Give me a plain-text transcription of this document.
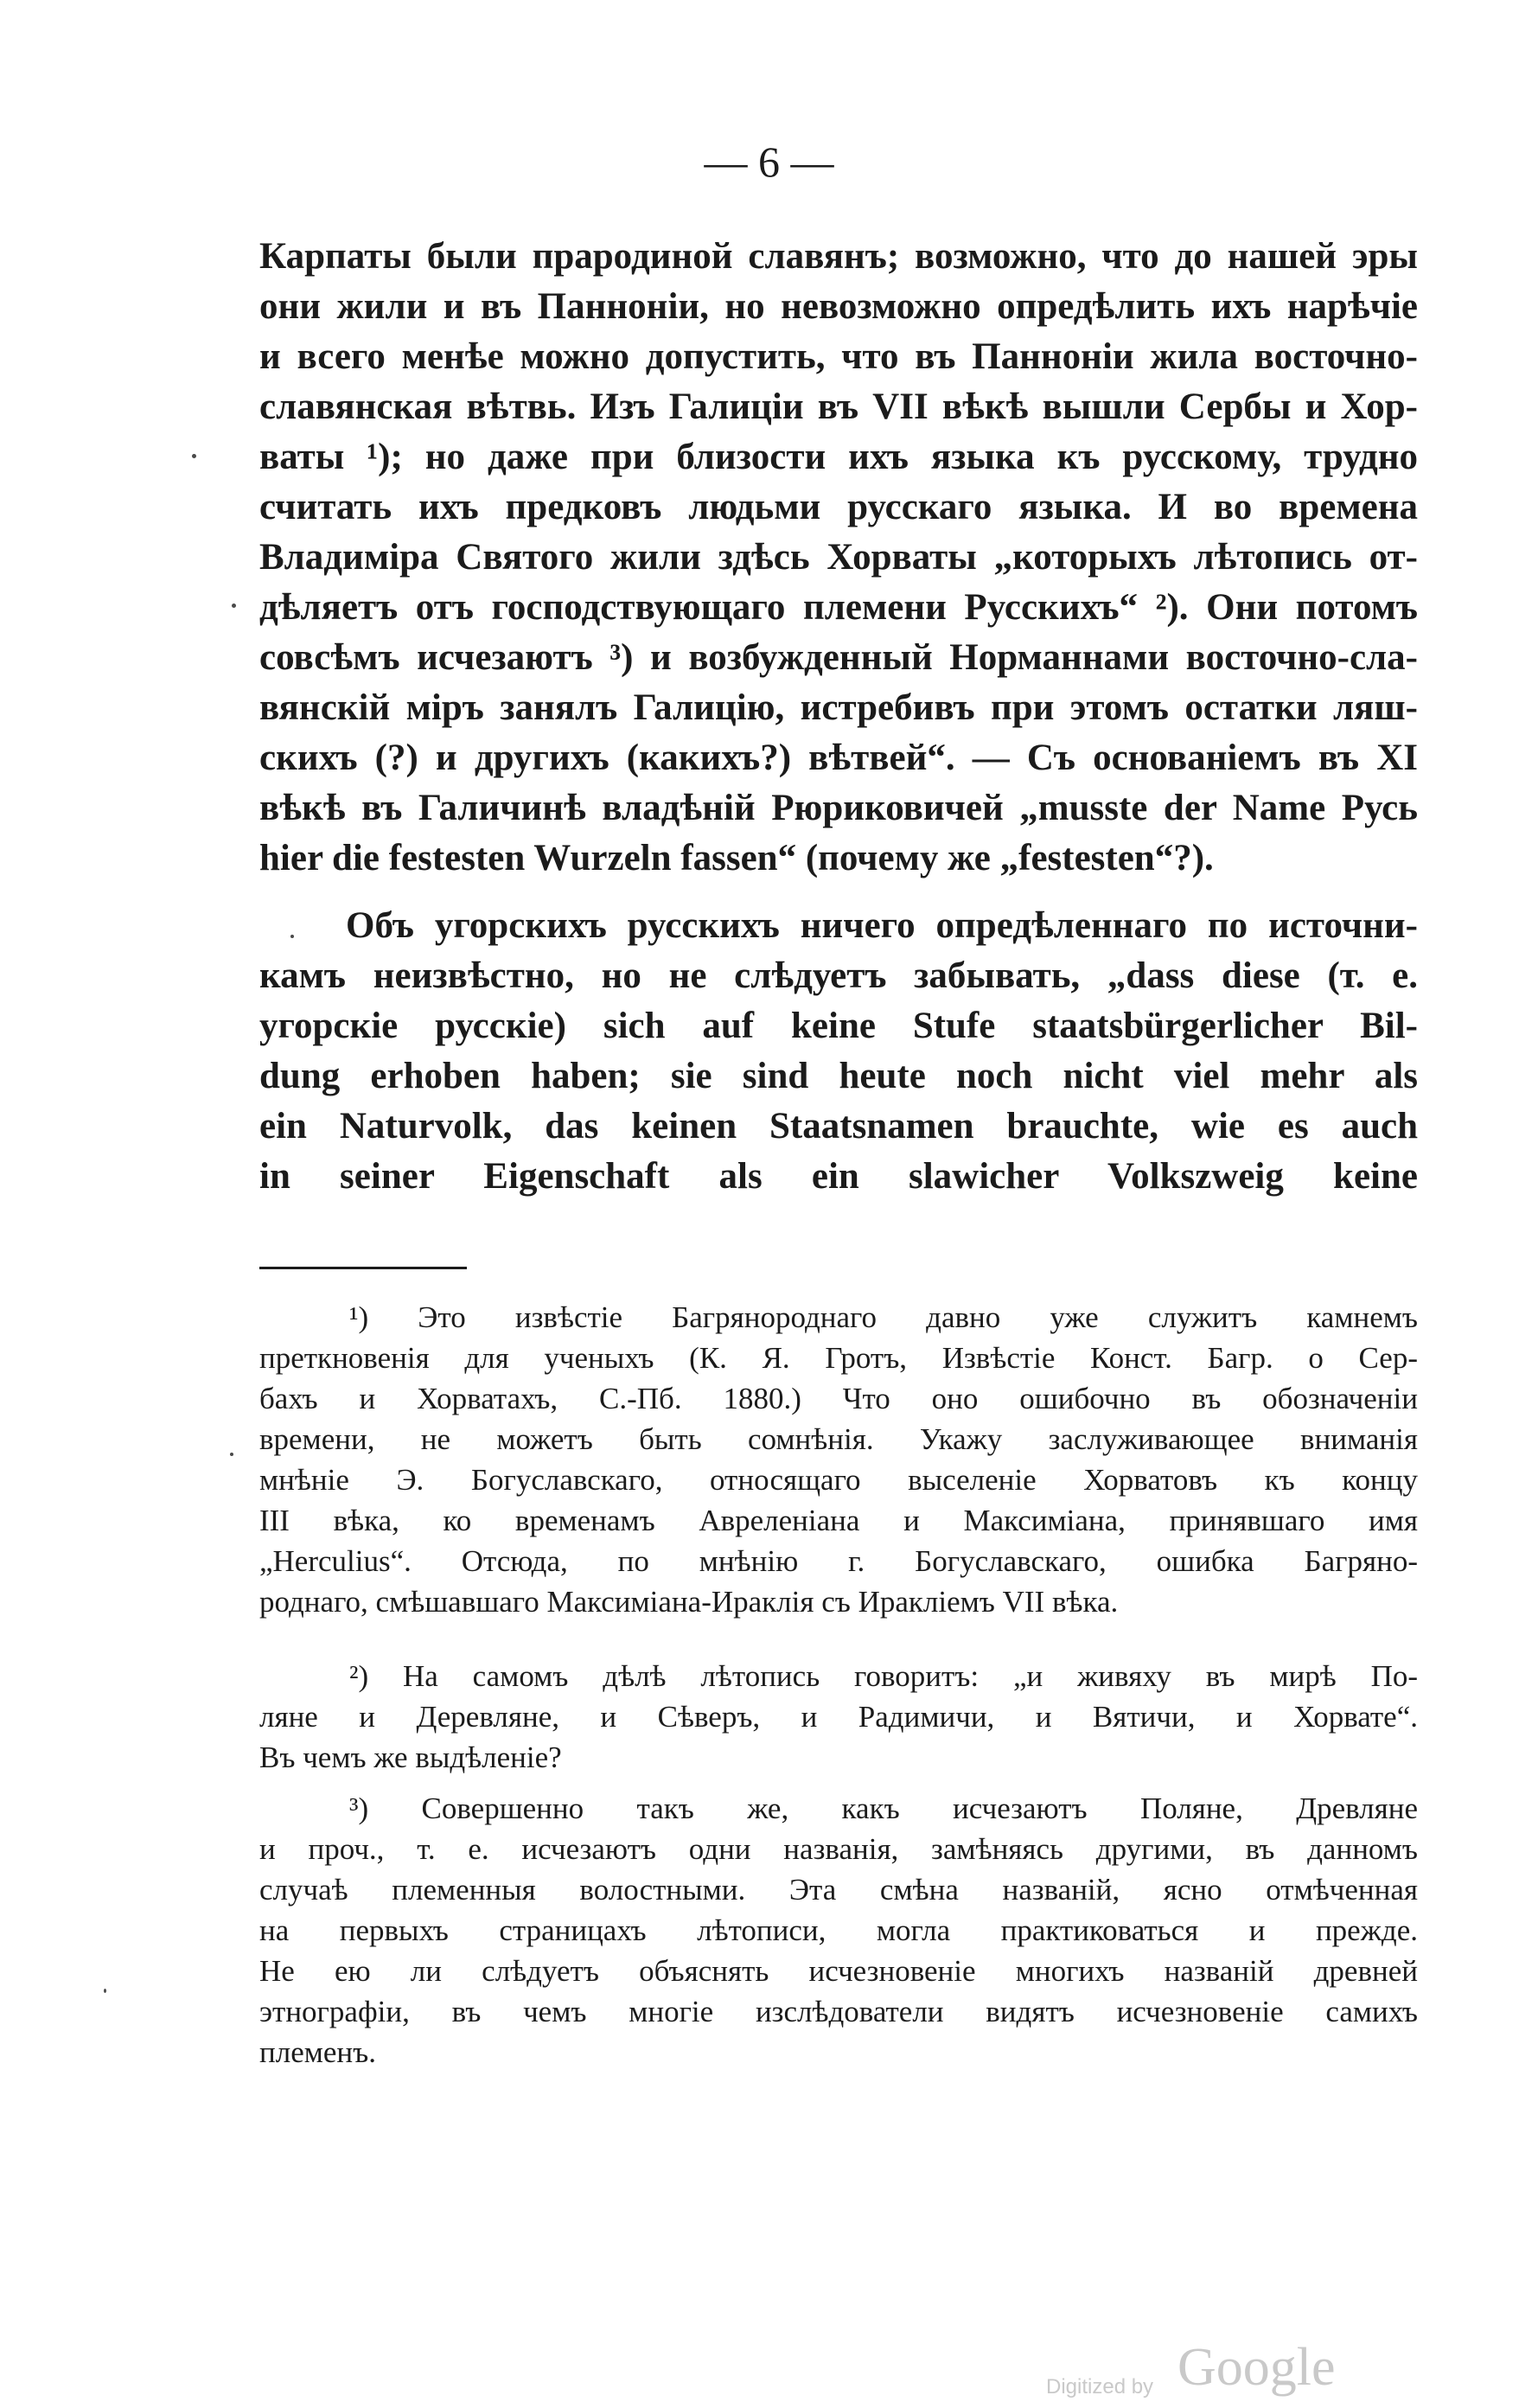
— 6 —
Карпаты были прародиной славянъ; возможно, что до нашей эры
они жили и въ Паннонiи, но невозможно опредѣлить ихъ нарѣчiе
и всего менѣе можно допустить, что въ Паннонiи жила восточно-
славянская вѣтвь. Изъ Галицiи въ VII вѣкѣ вышли Сербы и Хор-
ваты ¹); но даже при близости ихъ языка къ русскому, трудно
считать ихъ предковъ людьми русскаго языка. И во времена
Владимiра Святого жили здѣсь Хорваты „которыхъ лѣтопись от-
дѣляетъ отъ господствующаго племени Русскихъ“ ²). Они потомъ
совсѣмъ исчезаютъ ³) и возбужденный Норманнами восточно-сла-
вянскiй мiръ занялъ Галицiю, истребивъ при этомъ остатки ляш-
скихъ (?) и другихъ (какихъ?) вѣтвей“. — Съ основанiемъ въ XI
вѣкѣ въ Галичинѣ владѣнiй Рюриковичей „musste der Name Русь
hier die festesten Wurzeln fassen“ (почему же „festesten“?).
Объ угорскихъ русскихъ ничего опредѣленнаго по источни-
камъ неизвѣстно, но не слѣдуетъ забывать, „dass diese (т. е.
угорскiе русскiе) sich auf keine Stufe staatsbürgerlicher Bil-
dung erhoben haben; sie sind heute noch nicht viel mehr als
ein Naturvolk, das keinen Staatsnamen brauchte, wie es auch
in seiner Eigenschaft als ein slawicher Volkszweig keine
¹) Это извѣстiе Багрянороднаго давно уже служитъ камнемъ
преткновенiя для ученыхъ (К. Я. Гротъ, Извѣстiе Конст. Багр. о Сер-
бахъ и Хорватахъ, С.-Пб. 1880.) Что оно ошибочно въ обозначенiи
времени, не можетъ быть сомнѣнiя. Укажу заслуживающее вниманiя
мнѣнiе Э. Богуславскаго, относящаго выселенiе Хорватовъ къ концу
III вѣка, ко временамъ Авреленiана и Максимiана, принявшаго имя
„Herculius“. Отсюда, по мнѣнiю г. Богуславскаго, ошибка Багряно-
роднаго, смѣшавшаго Максимiана-Ираклiя съ Ираклiемъ VII вѣка.
²) На самомъ дѣлѣ лѣтопись говоритъ: „и живяху въ мирѣ По-
ляне и Деревляне, и Сѣверъ, и Радимичи, и Вятичи, и Хорвате“.
Въ чемъ же выдѣленiе?
³) Совершенно такъ же, какъ исчезаютъ Поляне, Древляне
и проч., т. е. исчезаютъ одни названiя, замѣняясь другими, въ данномъ
случаѣ племенныя волостными. Эта смѣна названiй, ясно отмѣченная
на первыхъ страницахъ лѣтописи, могла практиковаться и прежде.
Не ею ли слѣдуетъ объяснять исчезновенiе многихъ названiй древней
этнографiи, въ чемъ многiе изслѣдователи видятъ исчезновенiе самихъ
племенъ.
Digitized by Google
